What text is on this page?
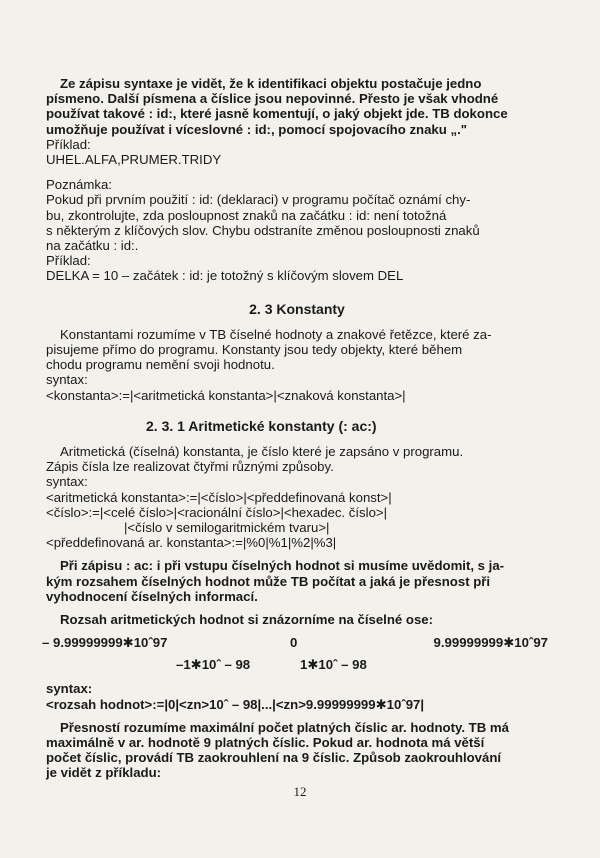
Ze zápisu syntaxe je vidět, že k identifikaci objektu postačuje jedno

písmeno. Další písmena a číslice jsou nepovinné. Přesto je však vhodné

používat takové : id:, které jasně komentují, o jaký objekt jde. TB dokonce

umožňuje používat i víceslovné : id:, pomocí spojovacího znaku „."

Příklad:

UHEL.ALFA,PRUMER.TRIDY

Poznámka:

Pokud při prvním použití : id: (deklaraci) v programu počítač oznámí chy-

bu, zkontrolujte, zda posloupnost znaků na začátku : id: není totožná

s některým z klíčových slov. Chybu odstraníte změnou posloupnosti znaků

na začátku : id:.

Příklad:

DELKA = 10 – začátek : id: je totožný s klíčovým slovem DEL

2. 3 Konstanty

Konstantami rozumíme v TB číselné hodnoty a znakové řetězce, které za-

pisujeme přímo do programu. Konstanty jsou tedy objekty, které během

chodu programu nemění svoji hodnotu.

syntax:

<konstanta>:=|<aritmetická konstanta>|<znaková konstanta>|

2. 3. 1 Aritmetické konstanty (: ac:)

Aritmetická (číselná) konstanta, je číslo které je zapsáno v programu.

Zápis čísla lze realizovat čtyřmi různými způsoby.

syntax:

<aritmetická konstanta>:=|<číslo>|<předdefinovaná konst>|

<číslo>:=|<celé číslo>|<racionální číslo>|<hexadec. číslo>|

|<číslo v semilogaritmickém tvaru>|

<předdefinovaná ar. konstanta>:=|%0|%1|%2|%3|

Při zápisu : ac: i při vstupu číselných hodnot si musíme uvědomit, s ja-

kým rozsahem číselných hodnot může TB počítat a jaká je přesnost při

vyhodnocení číselných informací.

Rozsah aritmetických hodnot si znázorníme na číselné ose:

– 9.99999999✱10ˆ97	0	9.99999999✱10ˆ97
–1✱10ˆ – 98	1✱10ˆ – 98

syntax:

<rozsah hodnot>:=|0|<zn>10ˆ – 98|...|<zn>9.99999999✱10ˆ97|

Přesností rozumíme maximální počet platných číslic ar. hodnoty. TB má

maximálně v ar. hodnotě 9 platných číslic. Pokud ar. hodnota má větší

počet číslic, provádí TB zaokrouhlení na 9 číslic. Způsob zaokrouhlování

je vidět z příkladu:

12
